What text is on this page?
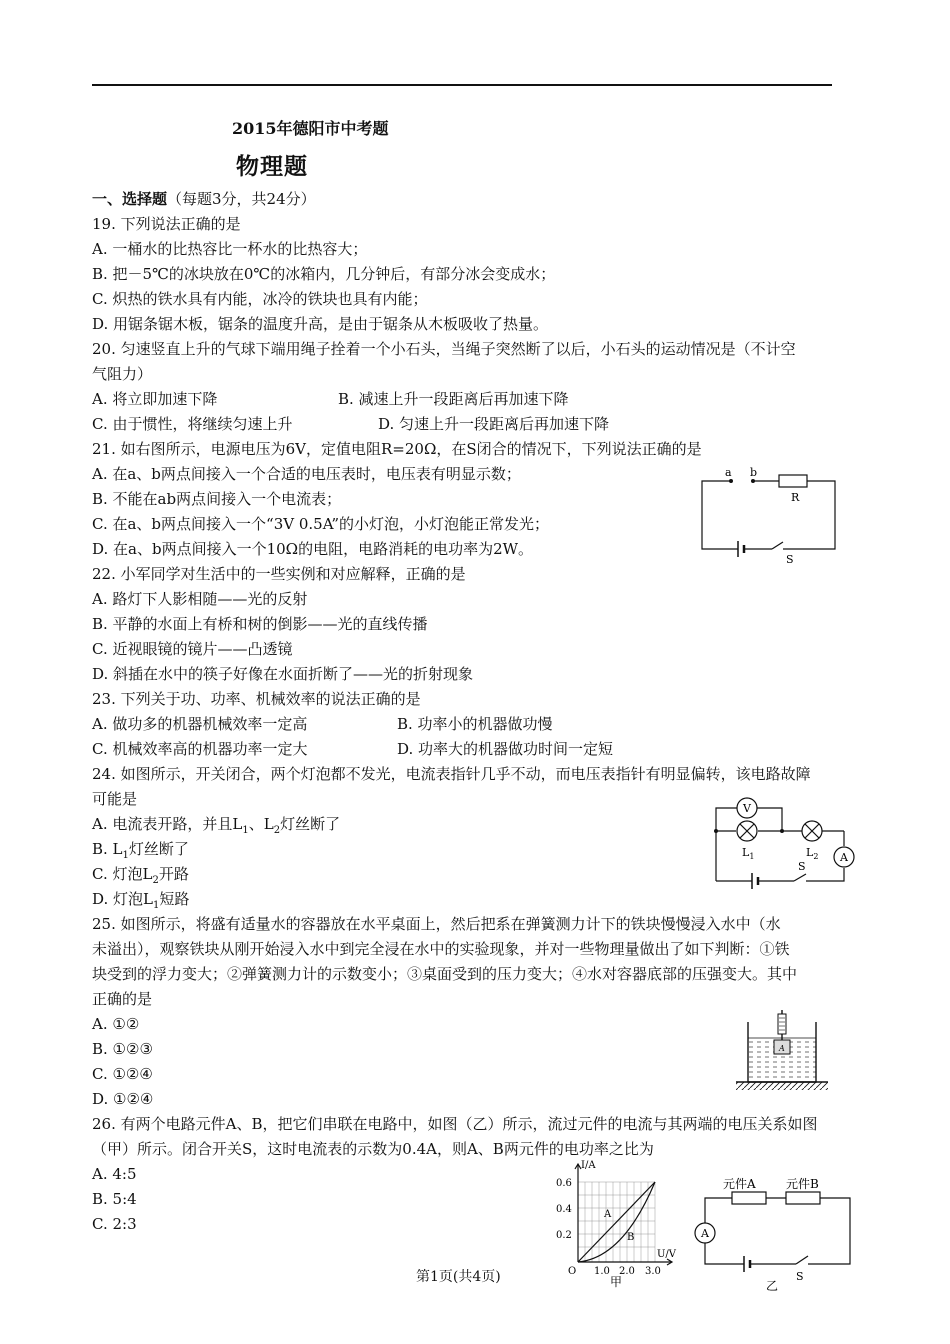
2015年德阳市中考题
物理题
一、选择题（每题3分，共24分）
19. 下列说法正确的是
A. 一桶水的比热容比一杯水的比热容大；
B. 把－5℃的冰块放在0℃的冰箱内，几分钟后，有部分冰会变成水；
C. 炽热的铁水具有内能，冰冷的铁块也具有内能；
D. 用锯条锯木板，锯条的温度升高，是由于锯条从木板吸收了热量。
20. 匀速竖直上升的气球下端用绳子拴着一个小石头，当绳子突然断了以后，小石头的运动情况是（不计空
气阻力）
A. 将立即加速下降	B. 减速上升一段距离后再加速下降
C. 由于惯性，将继续匀速上升	D. 匀速上升一段距离后再加速下降
21. 如右图所示，电源电压为6V，定值电阻R=20Ω，在S闭合的情况下，下列说法正确的是
A. 在a、b两点间接入一个合适的电压表时，电压表有明显示数；
B. 不能在ab两点间接入一个电流表；
C. 在a、b两点间接入一个“3V 0.5A”的小灯泡，小灯泡能正常发光；
D. 在a、b两点间接入一个10Ω的电阻，电路消耗的电功率为2W。
a b
R
S
22. 小军同学对生活中的一些实例和对应解释，正确的是
A. 路灯下人影相随——光的反射
B. 平静的水面上有桥和树的倒影——光的直线传播
C. 近视眼镜的镜片——凸透镜
D. 斜插在水中的筷子好像在水面折断了——光的折射现象
23. 下列关于功、功率、机械效率的说法正确的是
A. 做功多的机器机械效率一定高	B. 功率小的机器做功慢
C. 机械效率高的机器功率一定大	D. 功率大的机器做功时间一定短
24. 如图所示，开关闭合，两个灯泡都不发光，电流表指针几乎不动，而电压表指针有明显偏转，该电路故障
可能是
A. 电流表开路，并且$L_1$、$L_2$灯丝断了
B. $L_1$灯丝断了
C. 灯泡$L_2$开路
D. 灯泡$L_1$短路
V
A
$L_1$	$L_2$
S
25. 如图所示，将盛有适量水的容器放在水平桌面上，然后把系在弹簧测力计下的铁块慢慢浸入水中（水
未溢出），观察铁块从刚开始浸入水中到完全浸在水中的实验现象，并对一些物理量做出了如下判断：①铁
块受到的浮力变大；②弹簧测力计的示数变小；③桌面受到的压力变大；④水对容器底部的压强变大。其中
正确的是
A. ①②
B. ①②③
C. ①②④
D. ①②④
A
26. 有两个电路元件A、B，把它们串联在电路中，如图（乙）所示，流过元件的电流与其两端的电压关系如图
（甲）所示。闭合开关S，这时电流表的示数为0.4A，则A、B两元件的电功率之比为
A. 4:5
B. 5:4
C. 2:3
I/A
U/V
0.6
0.4
0.2
1.0 2.0 3.0
O
A
B
甲
元件A	元件B
A
S
乙
第1页(共4页)
